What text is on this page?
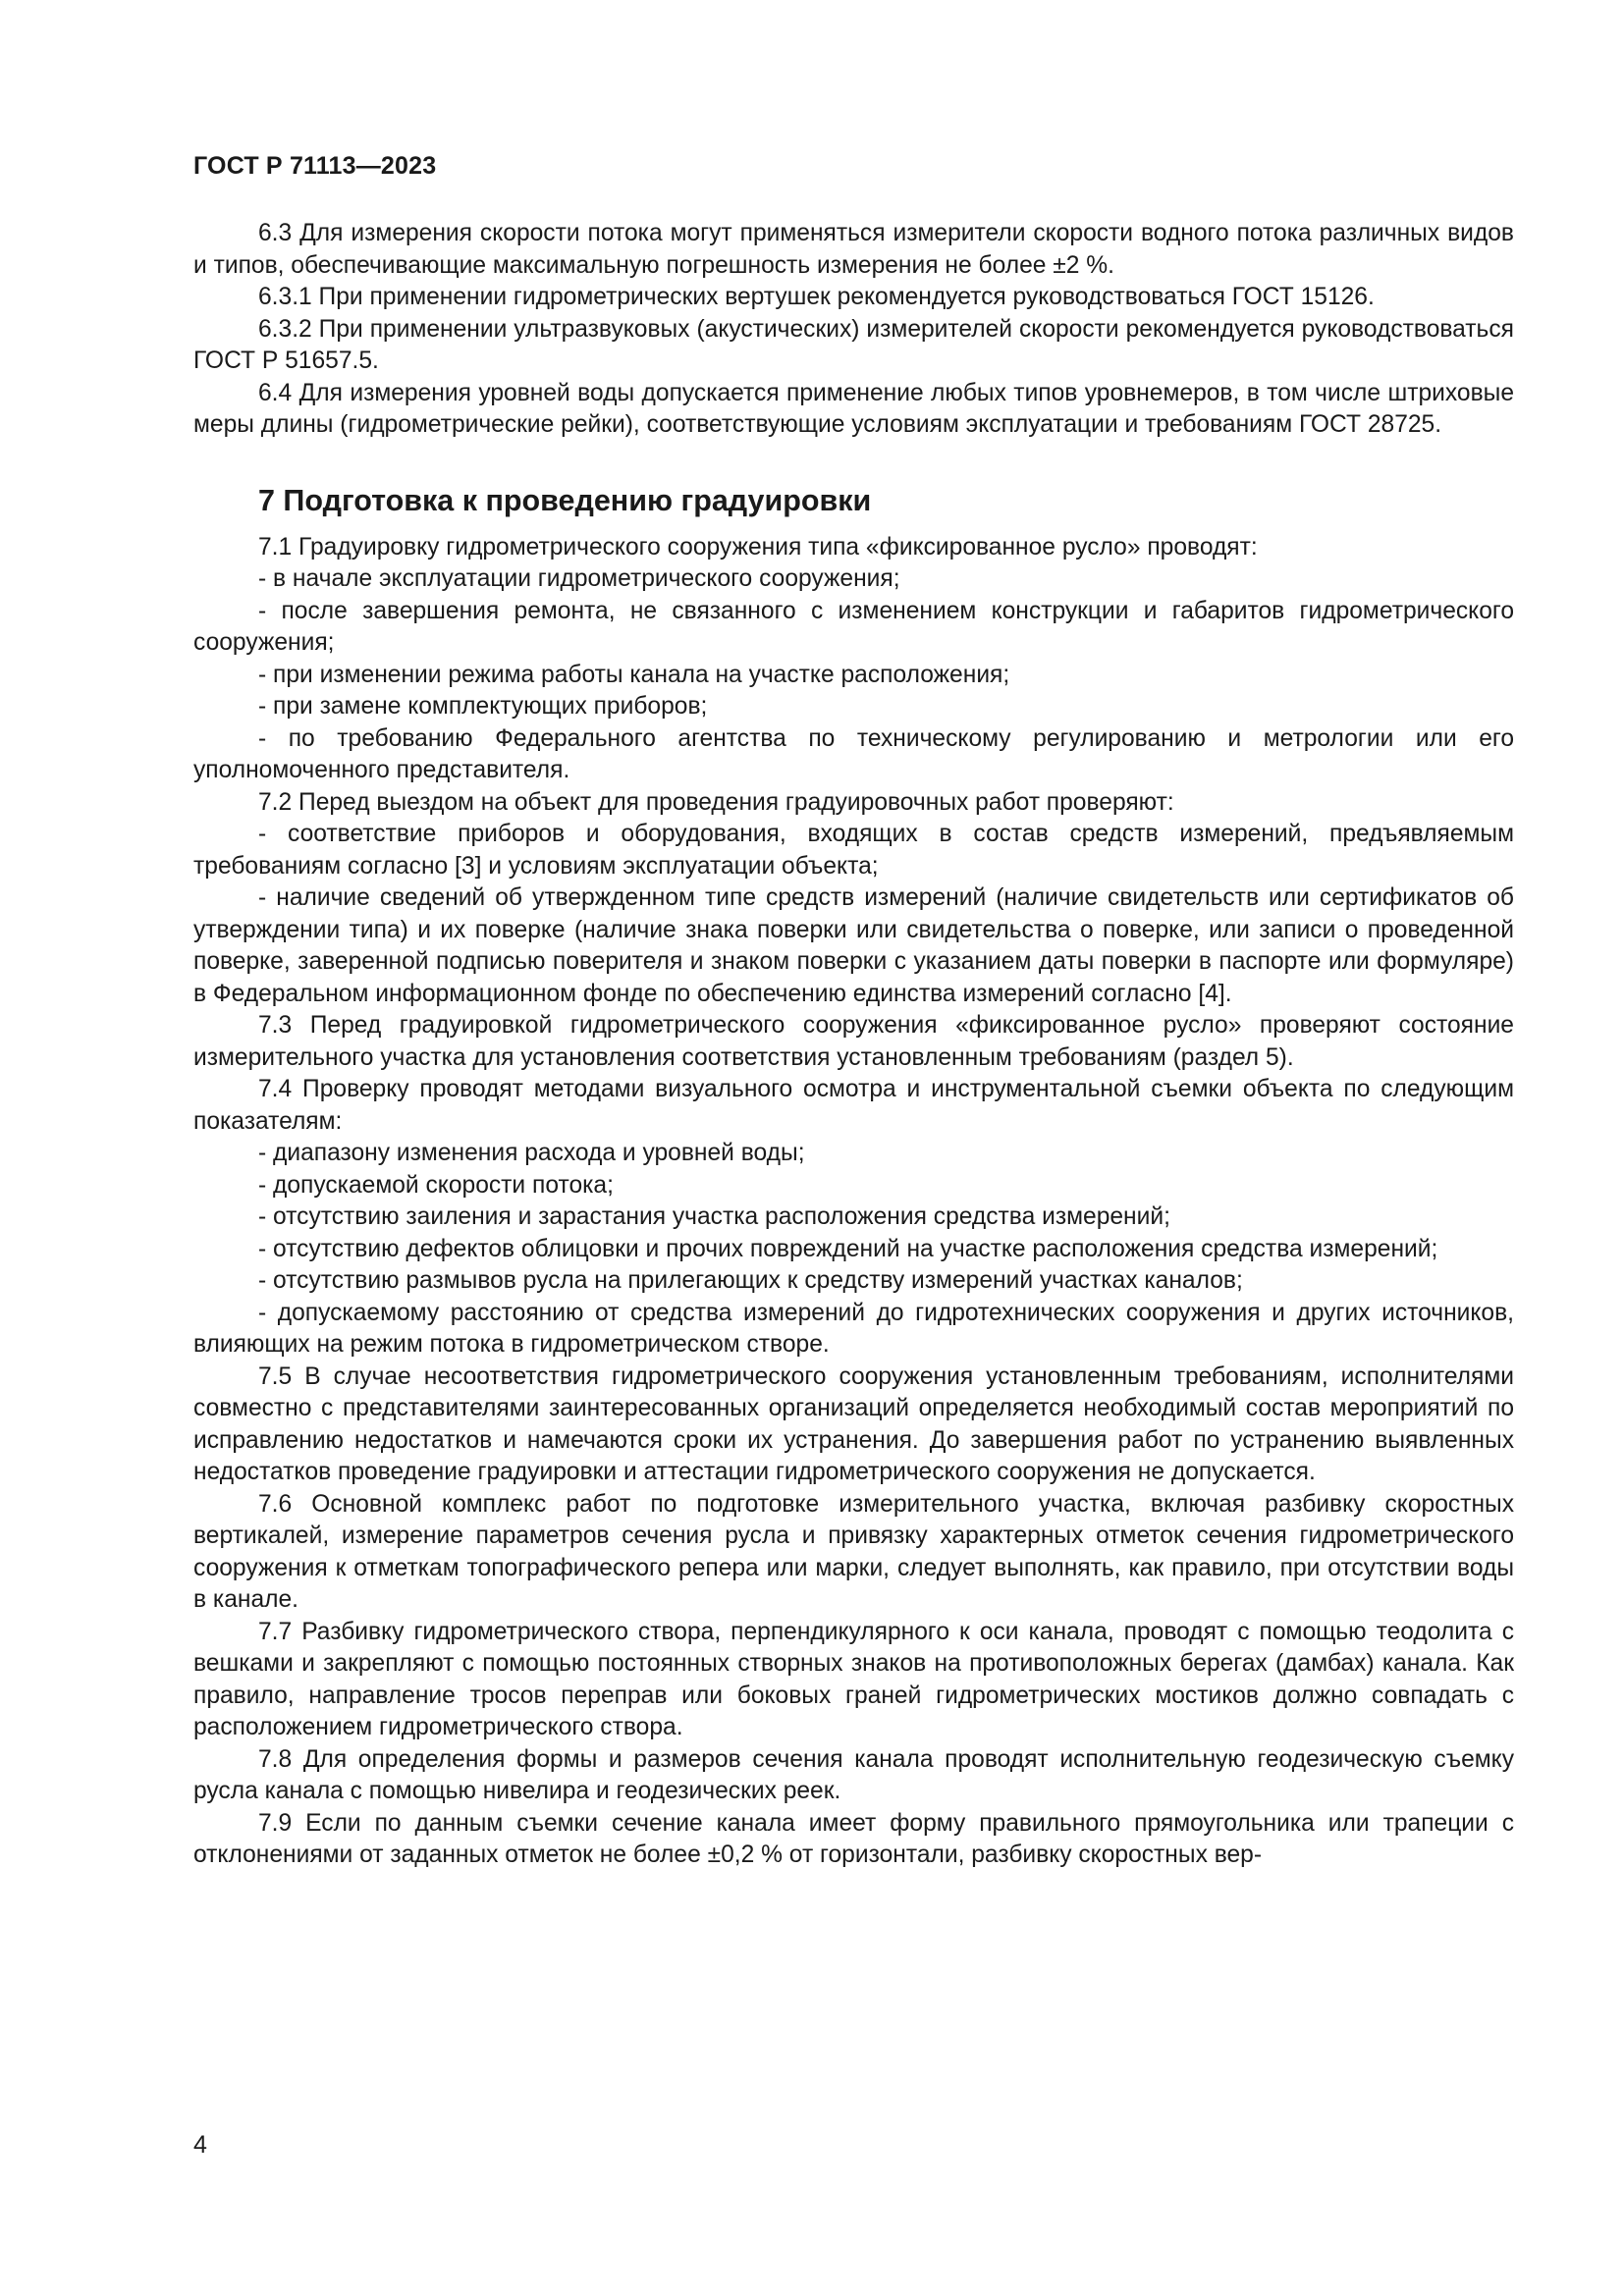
ГОСТ Р 71113—2023

6.3 Для измерения скорости потока могут применяться измерители скорости водного потока различных видов и типов, обеспечивающие максимальную погрешность измерения не более ±2 %.

6.3.1 При применении гидрометрических вертушек рекомендуется руководствоваться ГОСТ 15126.

6.3.2 При применении ультразвуковых (акустических) измерителей скорости рекомендуется руководствоваться ГОСТ Р 51657.5.

6.4 Для измерения уровней воды допускается применение любых типов уровнемеров, в том числе штриховые меры длины (гидрометрические рейки), соответствующие условиям эксплуатации и требованиям ГОСТ 28725.

7 Подготовка к проведению градуировки

7.1 Градуировку гидрометрического сооружения типа «фиксированное русло» проводят:

- в начале эксплуатации гидрометрического сооружения;

- после завершения ремонта, не связанного с изменением конструкции и габаритов гидрометрического сооружения;

- при изменении режима работы канала на участке расположения;

- при замене комплектующих приборов;

- по требованию Федерального агентства по техническому регулированию и метрологии или его уполномоченного представителя.

7.2 Перед выездом на объект для проведения градуировочных работ проверяют:

- соответствие приборов и оборудования, входящих в состав средств измерений, предъявляемым требованиям согласно [3] и условиям эксплуатации объекта;

- наличие сведений об утвержденном типе средств измерений (наличие свидетельств или сертификатов об утверждении типа) и их поверке (наличие знака поверки или свидетельства о поверке, или записи о проведенной поверке, заверенной подписью поверителя и знаком поверки с указанием даты поверки в паспорте или формуляре) в Федеральном информационном фонде по обеспечению единства измерений согласно [4].

7.3 Перед градуировкой гидрометрического сооружения «фиксированное русло» проверяют состояние измерительного участка для установления соответствия установленным требованиям (раздел 5).

7.4 Проверку проводят методами визуального осмотра и инструментальной съемки объекта по следующим показателям:

- диапазону изменения расхода и уровней воды;

- допускаемой скорости потока;

- отсутствию заиления и зарастания участка расположения средства измерений;

- отсутствию дефектов облицовки и прочих повреждений на участке расположения средства измерений;

- отсутствию размывов русла на прилегающих к средству измерений участках каналов;

- допускаемому расстоянию от средства измерений до гидротехнических сооружения и других источников, влияющих на режим потока в гидрометрическом створе.

7.5 В случае несоответствия гидрометрического сооружения установленным требованиям, исполнителями совместно с представителями заинтересованных организаций определяется необходимый состав мероприятий по исправлению недостатков и намечаются сроки их устранения. До завершения работ по устранению выявленных недостатков проведение градуировки и аттестации гидрометрического сооружения не допускается.

7.6 Основной комплекс работ по подготовке измерительного участка, включая разбивку скоростных вертикалей, измерение параметров сечения русла и привязку характерных отметок сечения гидрометрического сооружения к отметкам топографического репера или марки, следует выполнять, как правило, при отсутствии воды в канале.

7.7 Разбивку гидрометрического створа, перпендикулярного к оси канала, проводят с помощью теодолита с вешками и закрепляют с помощью постоянных створных знаков на противоположных берегах (дамбах) канала. Как правило, направление тросов переправ или боковых граней гидрометрических мостиков должно совпадать с расположением гидрометрического створа.

7.8 Для определения формы и размеров сечения канала проводят исполнительную геодезическую съемку русла канала с помощью нивелира и геодезических реек.

7.9 Если по данным съемки сечение канала имеет форму правильного прямоугольника или трапеции с отклонениями от заданных отметок не более ±0,2 % от горизонтали, разбивку скоростных вер-

4
